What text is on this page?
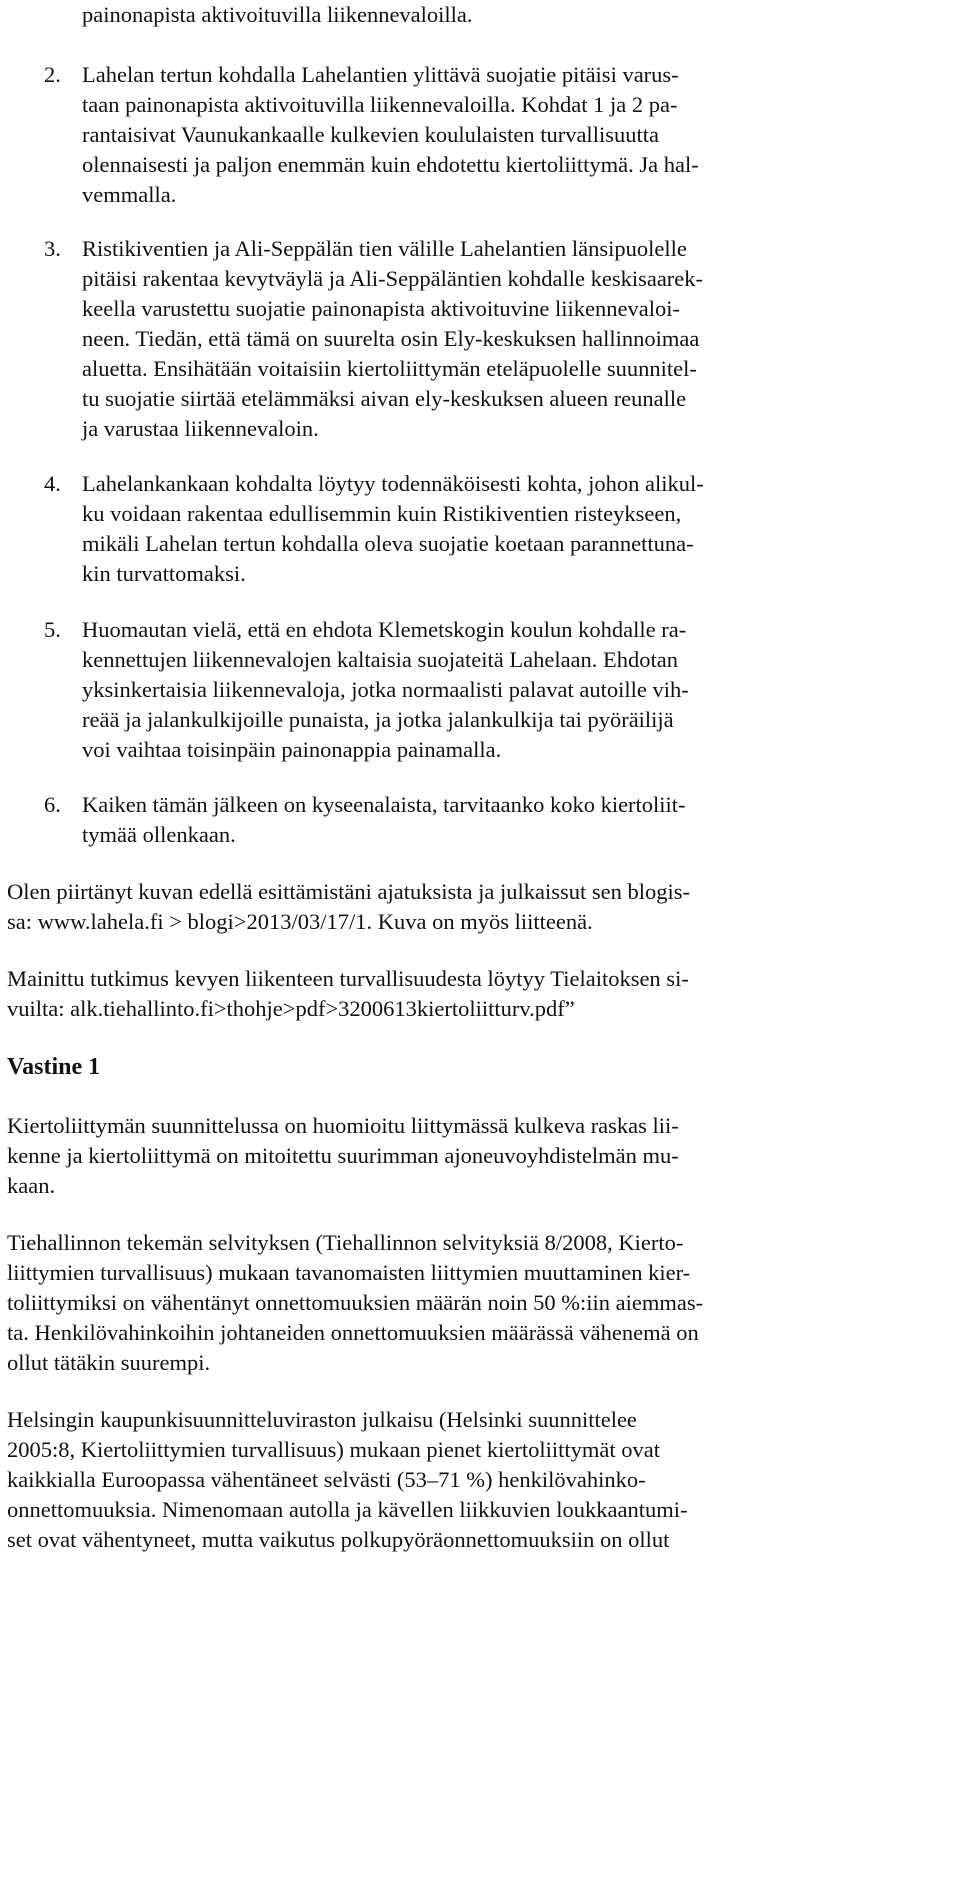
painonapista aktivoituvilla liikennevaloilla.
2. Lahelan tertun kohdalla Lahelantien ylittävä suojatie pitäisi varus-
taan painonapista aktivoituvilla liikennevaloilla. Kohdat 1 ja 2 pa-
rantaisivat Vaunukankaalle kulkevien koululaisten turvallisuutta
olennaisesti ja paljon enemmän kuin ehdotettu kiertoliittymä. Ja hal-
vemmalla.
3. Ristikiventien ja Ali-Seppälän tien välille Lahelantien länsipuolelle
pitäisi rakentaa kevytväylä ja Ali-Seppäläntien kohdalle keskisaarek-
keella varustettu suojatie painonapista aktivoituvine liikennevaloi-
neen. Tiedän, että tämä on suurelta osin Ely-keskuksen hallinnoimaa
aluetta. Ensihätään voitaisiin kiertoliittymän eteläpuolelle suunnitel-
tu suojatie siirtää etelämmäksi aivan ely-keskuksen alueen reunalle
ja varustaa liikennevaloin.
4. Lahelankankaan kohdalta löytyy todennäköisesti kohta, johon alikul-
ku voidaan rakentaa edullisemmin kuin Ristikiventien risteykseen,
mikäli Lahelan tertun kohdalla oleva suojatie koetaan parannettuna-
kin turvattomaksi.
5. Huomautan vielä, että en ehdota Klemetskogin koulun kohdalle ra-
kennettujen liikennevalojen kaltaisia suojateitä Lahelaan. Ehdotan
yksinkertaisia liikennevaloja, jotka normaalisti palavat autoille vih-
reää ja jalankulkijoille punaista, ja jotka jalankulkija tai pyöräilijä
voi vaihtaa toisinpäin painonappia painamalla.
6. Kaiken tämän jälkeen on kyseenalaista, tarvitaanko koko kiertoliit-
tymää ollenkaan.
Olen piirtänyt kuvan edellä esittämistäni ajatuksista ja julkaissut sen blogis-
sa: www.lahela.fi > blogi>2013/03/17/1. Kuva on myös liitteenä.
Mainittu tutkimus kevyen liikenteen turvallisuudesta löytyy Tielaitoksen si-
vuilta: alk.tiehallinto.fi>thohje>pdf>3200613kiertoliitturv.pdf”
Vastine 1
Kiertoliittymän suunnittelussa on huomioitu liittymässä kulkeva raskas lii-
kenne ja kiertoliittymä on mitoitettu suurimman ajoneuvoyhdistelmän mu-
kaan.
Tiehallinnon tekemän selvityksen (Tiehallinnon selvityksiä 8/2008, Kierto-
liittymien turvallisuus) mukaan tavanomaisten liittymien muuttaminen kier-
toliittymiksi on vähentänyt onnettomuuksien määrän noin 50 %:iin aiemmas-
ta. Henkilövahinkoihin johtaneiden onnettomuuksien määrässä vähenemä on
ollut tätäkin suurempi.
Helsingin kaupunkisuunnitteluviraston julkaisu (Helsinki suunnittelee
2005:8, Kiertoliittymien turvallisuus) mukaan pienet kiertoliittymät ovat
kaikkialla Euroopassa vähentäneet selvästi (53–71 %) henkilövahinko-
onnettomuuksia. Nimenomaan autolla ja kävellen liikkuvien loukkaantumi-
set ovat vähentyneet, mutta vaikutus polkupyöräonnettomuuksiin on ollut
